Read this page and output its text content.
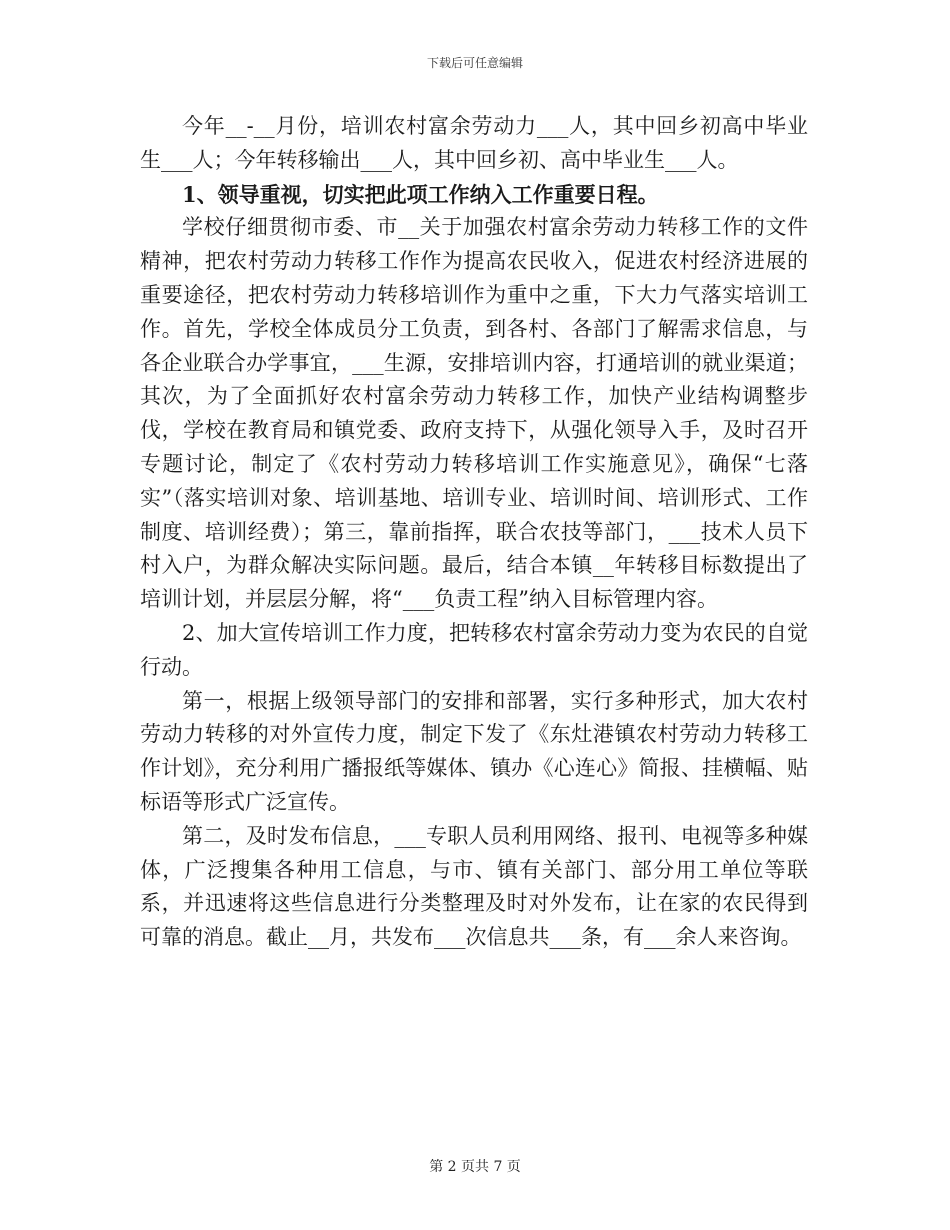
下载后可任意编辑

今年__-__月份，培训农村富余劳动力___人，其中回乡初高中毕业生___人；今年转移输出___人，其中回乡初、高中毕业生___人。

1、领导重视，切实把此项工作纳入工作重要日程。

学校仔细贯彻市委、市__关于加强农村富余劳动力转移工作的文件精神，把农村劳动力转移工作作为提高农民收入，促进农村经济进展的重要途径，把农村劳动力转移培训作为重中之重，下大力气落实培训工作。首先，学校全体成员分工负责，到各村、各部门了解需求信息，与各企业联合办学事宜，___生源，安排培训内容，打通培训的就业渠道；其次，为了全面抓好农村富余劳动力转移工作，加快产业结构调整步伐，学校在教育局和镇党委、政府支持下，从强化领导入手，及时召开专题讨论，制定了《农村劳动力转移培训工作实施意见》，确保“七落实”（落实培训对象、培训基地、培训专业、培训时间、培训形式、工作制度、培训经费）；第三，靠前指挥，联合农技等部门，___技术人员下村入户，为群众解决实际问题。最后，结合本镇__年转移目标数提出了培训计划，并层层分解，将“___负责工程”纳入目标管理内容。

2、加大宣传培训工作力度，把转移农村富余劳动力变为农民的自觉行动。

第一，根据上级领导部门的安排和部署，实行多种形式，加大农村劳动力转移的对外宣传力度，制定下发了《东灶港镇农村劳动力转移工作计划》，充分利用广播报纸等媒体、镇办《心连心》简报、挂横幅、贴标语等形式广泛宣传。

第二，及时发布信息，___专职人员利用网络、报刊、电视等多种媒体，广泛搜集各种用工信息，与市、镇有关部门、部分用工单位等联系，并迅速将这些信息进行分类整理及时对外发布，让在家的农民得到可靠的消息。截止__月，共发布___次信息共___条，有___余人来咨询。

第 2 页共 7 页
